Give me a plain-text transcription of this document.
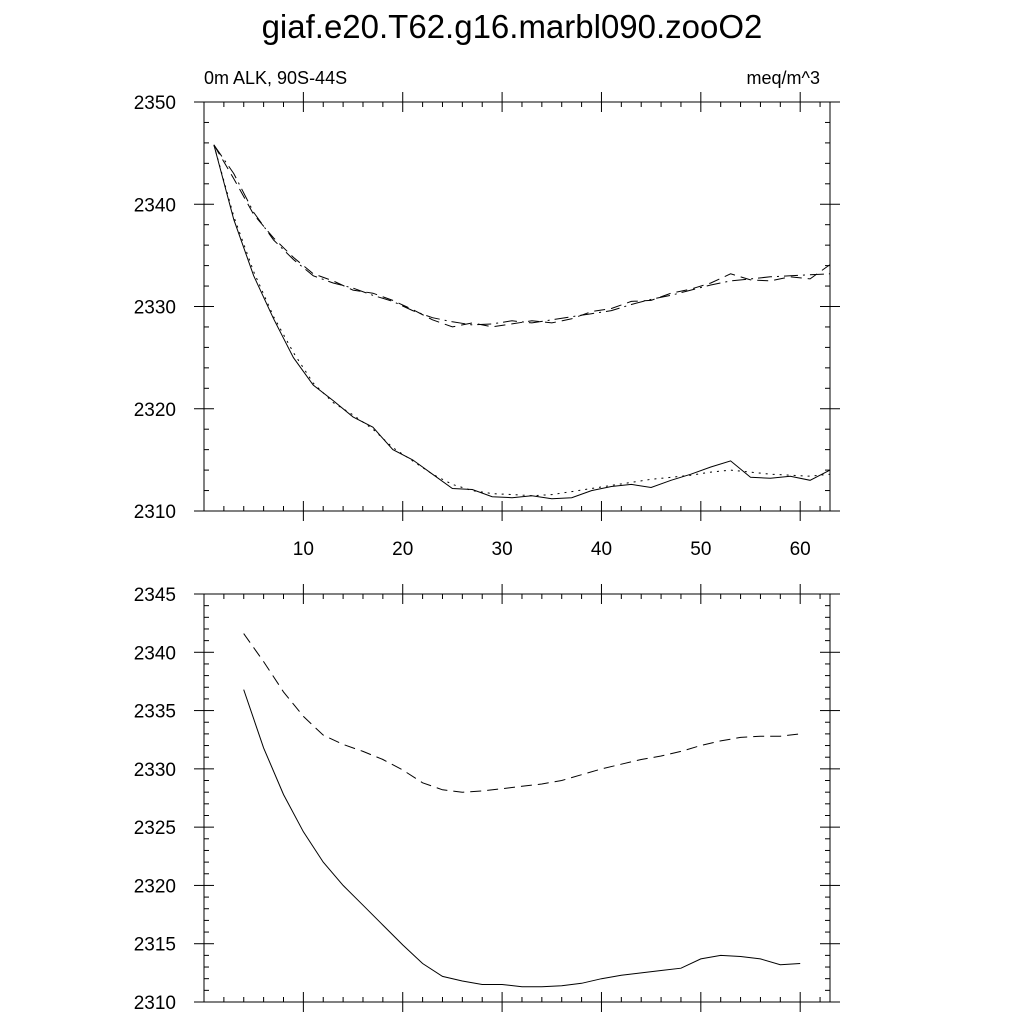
giaf.e20.T62.g16.marbl090.zooO2
0m ALK, 90S-44S	meq/m^3
10	20	30	40	50	60
2310
2320
2330
2340
2350
2310
2315
2320
2325
2330
2335
2340
2345
